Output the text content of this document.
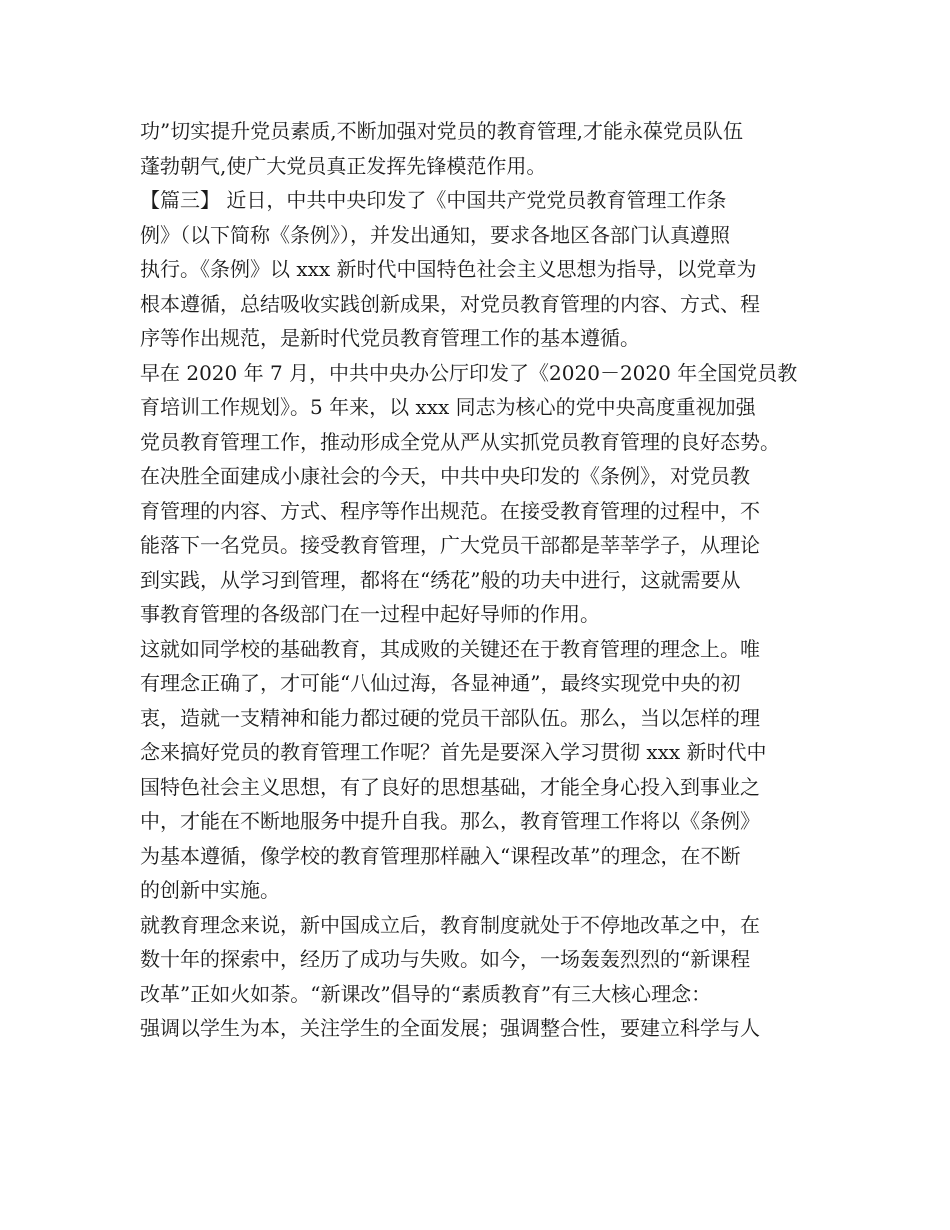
功”切实提升党员素质,不断加强对党员的教育管理,才能永葆党员队伍
蓬勃朝气,使广大党员真正发挥先锋模范作用。
【篇三】 近日，中共中央印发了《中国共产党党员教育管理工作条
例》（以下简称《条例》），并发出通知，要求各地区各部门认真遵照
执行。《条例》以 xxx 新时代中国特色社会主义思想为指导，以党章为
根本遵循，总结吸收实践创新成果，对党员教育管理的内容、方式、程
序等作出规范，是新时代党员教育管理工作的基本遵循。
早在 2020 年 7 月，中共中央办公厅印发了《2020－2020 年全国党员教
育培训工作规划》。5 年来，以 xxx 同志为核心的党中央高度重视加强
党员教育管理工作，推动形成全党从严从实抓党员教育管理的良好态势。
在决胜全面建成小康社会的今天，中共中央印发的《条例》，对党员教
育管理的内容、方式、程序等作出规范。在接受教育管理的过程中，不
能落下一名党员。接受教育管理，广大党员干部都是莘莘学子，从理论
到实践，从学习到管理，都将在“绣花”般的功夫中进行，这就需要从
事教育管理的各级部门在一过程中起好导师的作用。
这就如同学校的基础教育，其成败的关键还在于教育管理的理念上。唯
有理念正确了，才可能“八仙过海，各显神通”，最终实现党中央的初
衷，造就一支精神和能力都过硬的党员干部队伍。那么，当以怎样的理
念来搞好党员的教育管理工作呢？首先是要深入学习贯彻 xxx 新时代中
国特色社会主义思想，有了良好的思想基础，才能全身心投入到事业之
中，才能在不断地服务中提升自我。那么，教育管理工作将以《条例》
为基本遵循，像学校的教育管理那样融入“课程改革”的理念，在不断
的创新中实施。
就教育理念来说，新中国成立后，教育制度就处于不停地改革之中，在
数十年的探索中，经历了成功与失败。如今，一场轰轰烈烈的“新课程
改革”正如火如荼。“新课改”倡导的“素质教育”有三大核心理念：
强调以学生为本，关注学生的全面发展；强调整合性，要建立科学与人
